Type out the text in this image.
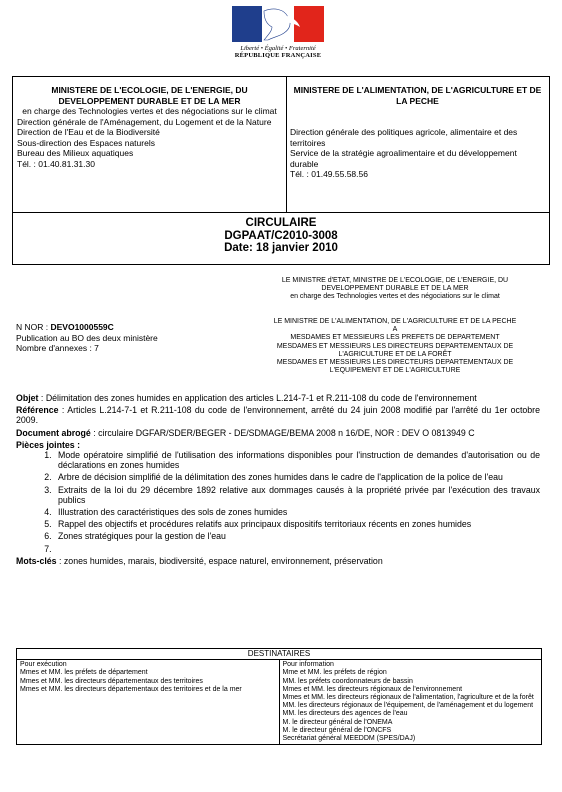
Liberté • Égalité • Fraternité
RÉPUBLIQUE FRANÇAISE
MINISTERE DE L'ECOLOGIE, DE L'ENERGIE, DU DEVELOPPEMENT DURABLE ET DE LA MER
en charge des Technologies vertes et des négociations sur le climat
Direction générale de l'Aménagement, du Logement et de la Nature
Direction de l'Eau et de la Biodiversité
Sous-direction des Espaces naturels
Bureau des Milieux aquatiques
Tél. : 01.40.81.31.30
MINISTERE DE L'ALIMENTATION, DE L'AGRICULTURE ET DE LA PECHE
Direction générale des politiques agricole, alimentaire et des territoires
Service de la stratégie agroalimentaire et du développement durable
Tél. : 01.49.55.58.56
CIRCULAIRE
DGPAAT/C2010-3008
Date: 18 janvier 2010
LE MINISTRE d'ETAT, MINISTRE DE L'ECOLOGIE, DE L'ENERGIE, DU
DEVELOPPEMENT DURABLE ET DE LA MER
en charge des Technologies vertes et des négociations sur le climat
N NOR : DEVO1000559C
Publication au BO des deux ministère
Nombre d'annexes : 7
LE MINISTRE DE L'ALIMENTATION, DE L'AGRICULTURE ET DE LA PECHE
A
MESDAMES ET MESSIEURS LES PREFETS DE DEPARTEMENT
MESDAMES ET MESSIEURS LES DIRECTEURS DEPARTEMENTAUX DE
L'AGRICULTURE ET DE LA FORÊT
MESDAMES ET MESSIEURS LES DIRECTEURS DEPARTEMENTAUX DE
L'EQUIPEMENT ET DE L'AGRICULTURE

Objet : Délimitation des zones humides en application des articles L.214-7-1 et R.211-108 du code de l'environnement

Référence : Articles L.214-7-1 et R.211-108 du code de l'environnement, arrêté du 24 juin 2008 modifié par l'arrêté du 1er octobre 2009.

Document abrogé : circulaire DGFAR/SDER/BEGER - DE/SDMAGE/BEMA 2008 n 16/DE, NOR : DEV O 0813949 C

Pièces jointes :

1. Mode opératoire simplifié de l'utilisation des informations disponibles pour l'instruction de demandes d'autorisation ou de déclarations en zones humides
2. Arbre de décision simplifié de la délimitation des zones humides dans le cadre de l'application de la police de l'eau
3. Extraits de la loi du 29 décembre 1892 relative aux dommages causés à la propriété privée par l'exécution des travaux publics
4. Illustration des caractéristiques des sols de zones humides
5. Rappel des objectifs et procédures relatifs aux principaux dispositifs territoriaux récents en zones humides
6. Zones stratégiques pour la gestion de l'eau
7.

Mots-clés : zones humides, marais, biodiversité, espace naturel, environnement, préservation

DESTINATAIRES

Pour exécution
Mmes et MM. les préfets de département
Mmes et MM. les directeurs départementaux des territoires
Mmes et MM. les directeurs départementaux des territoires et de la mer

Pour information
Mme et MM. les préfets de région
MM. les préfets coordonnateurs de bassin
Mmes et MM. les directeurs régionaux de l'environnement
Mmes et MM. les directeurs régionaux de l'alimentation, l'agriculture et de la forêt
MM. les directeurs régionaux de l'équipement, de l'aménagement et du logement
MM. les directeurs des agences de l'eau
M. le directeur général de l'ONEMA
M. le directeur général de l'ONCFS
Secrétariat général MEEDDM (SPES/DAJ)
